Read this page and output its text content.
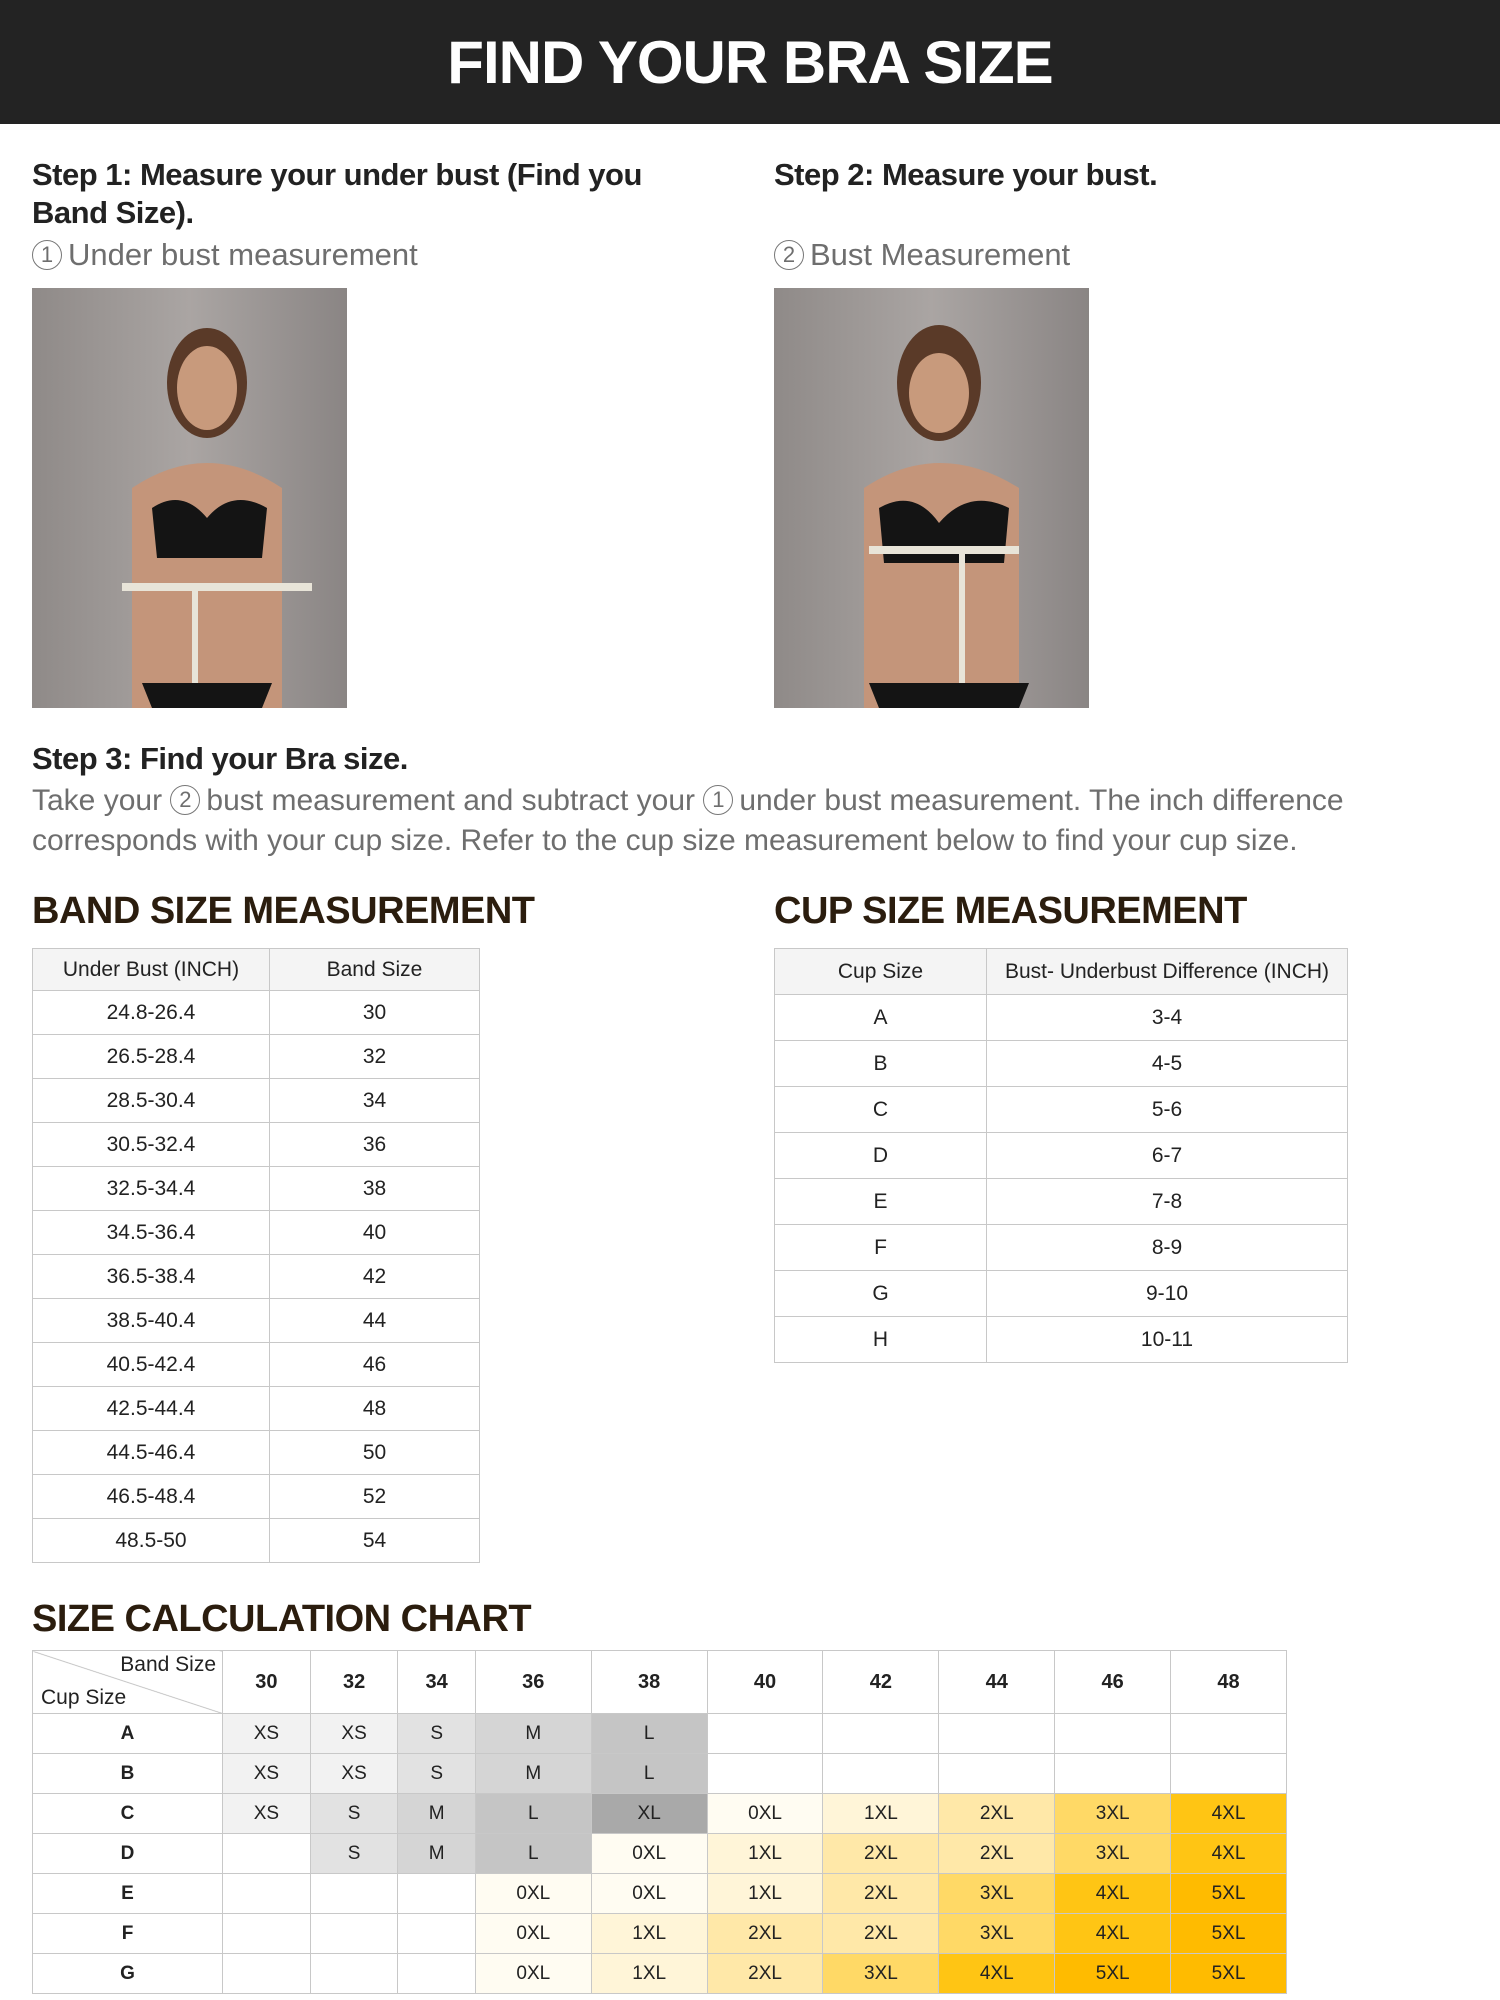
FIND YOUR BRA SIZE
Step 1: Measure your under bust (Find you Band Size).
1 Under bust measurement
Step 2: Measure your bust.
2 Bust Measurement
Step 3: Find your Bra size.
Take your 2 bust measurement and subtract your 1 under bust measurement. The inch difference corresponds with your cup size. Refer to the cup size measurement below to find your cup size.
BAND SIZE MEASUREMENT
Under Bust (INCH)	Band Size
24.8-26.4	30
26.5-28.4	32
28.5-30.4	34
30.5-32.4	36
32.5-34.4	38
34.5-36.4	40
36.5-38.4	42
38.5-40.4	44
40.5-42.4	46
42.5-44.4	48
44.5-46.4	50
46.5-48.4	52
48.5-50	54
CUP SIZE MEASUREMENT
Cup Size	Bust- Underbust Difference (INCH)
A	3-4
B	4-5
C	5-6
D	6-7
E	7-8
F	8-9
G	9-10
H	10-11
SIZE CALCULATION CHART
Band Size
Cup Size	30	32	34	36	38	40	42	44	46	48
A	XS	XS	S	M	L					
B	XS	XS	S	M	L					
C	XS	S	M	L	XL	0XL	1XL	2XL	3XL	4XL
D		S	M	L	0XL	1XL	2XL	2XL	3XL	4XL
E				0XL	0XL	1XL	2XL	3XL	4XL	5XL
F				0XL	1XL	2XL	2XL	3XL	4XL	5XL
G				0XL	1XL	2XL	3XL	4XL	5XL	5XL
